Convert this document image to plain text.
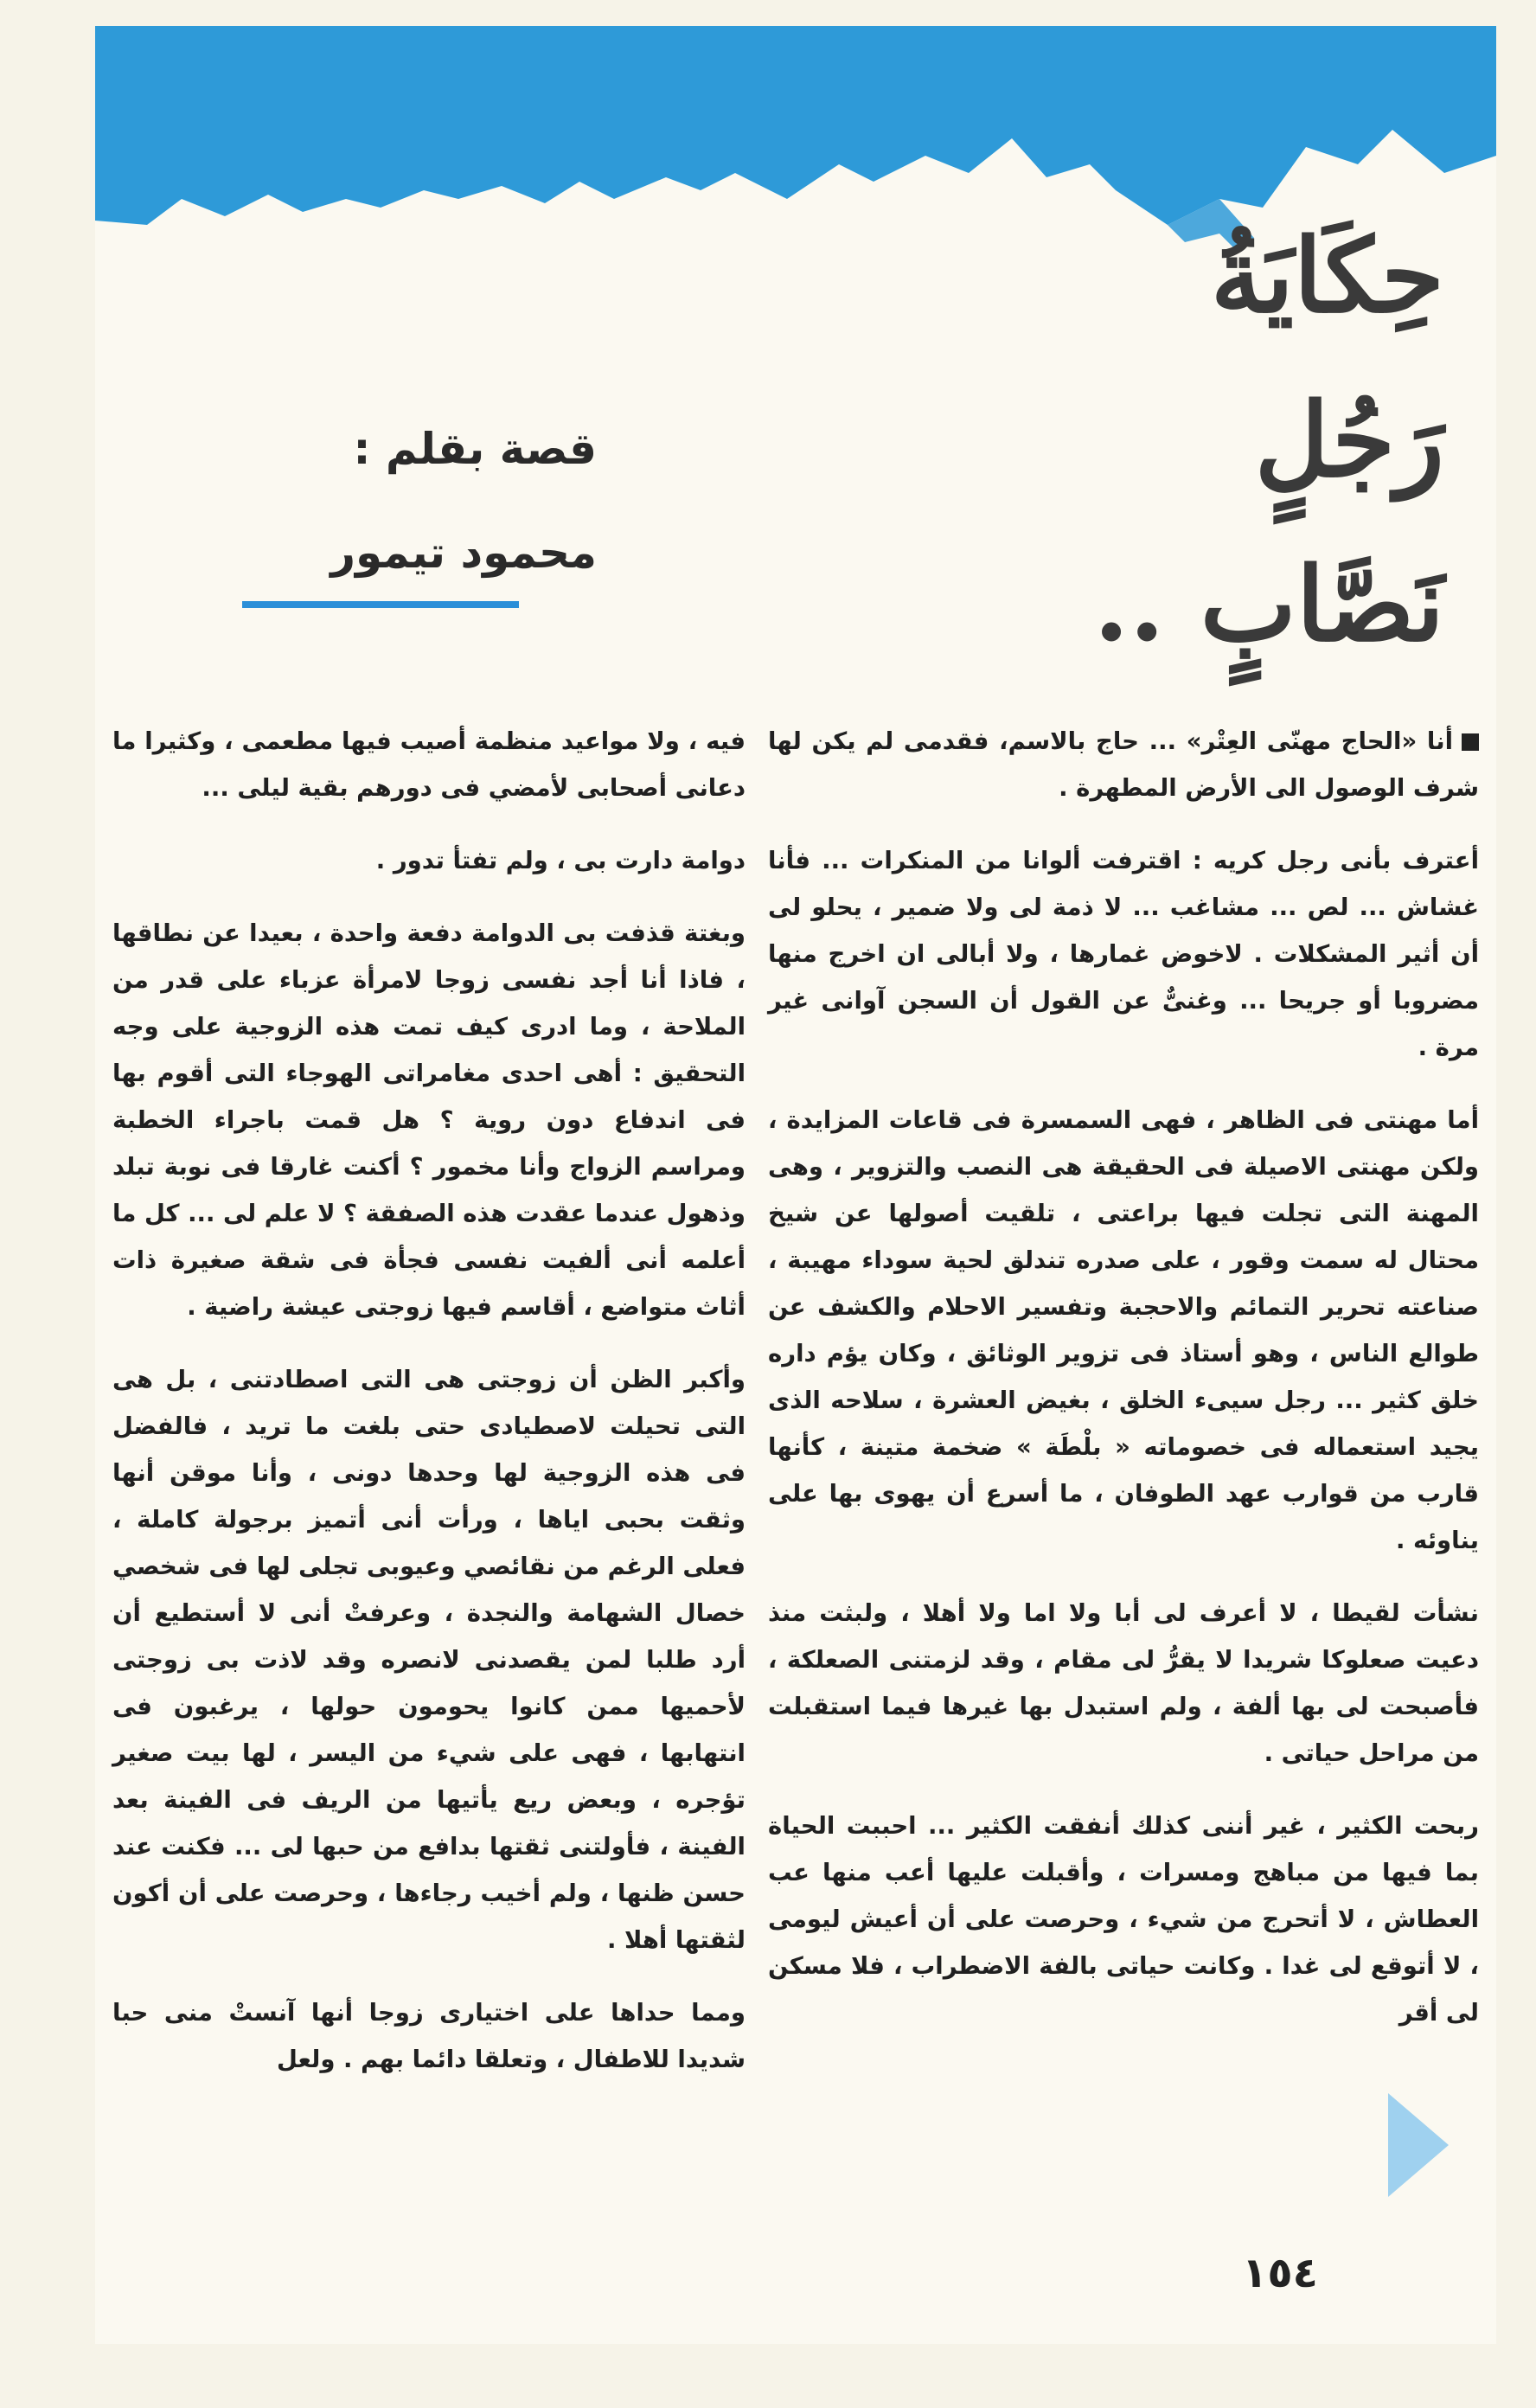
حِكَايَةُ
رَجُلٍ
نَصَّابٍ ..
قصة بقلم :
محمود تيمور

أنا «الحاج مهنّى العِتْر» ... حاج بالاسم، فقدمى لم يكن لها شرف الوصول الى الأرض المطهرة .

أعترف بأنى رجل كريه : اقترفت ألوانا من المنكرات ... فأنا غشاش ... لص ... مشاغب ... لا ذمة لى ولا ضمير ، يحلو لى أن أثير المشكلات . لاخوض غمارها ، ولا أبالى ان اخرج منها مضروبا أو جريحا ... وغنىٌّ عن القول أن السجن آوانى غير مرة .

أما مهنتى فى الظاهر ، فهى السمسرة فى قاعات المزايدة ، ولكن مهنتى الاصيلة فى الحقيقة هى النصب والتزوير ، وهى المهنة التى تجلت فيها براعتى ، تلقيت أصولها عن شيخ محتال له سمت وقور ، على صدره تندلق لحية سوداء مهيبة ، صناعته تحرير التمائم والاحجبة وتفسير الاحلام والكشف عن طوالع الناس ، وهو أستاذ فى تزوير الوثائق ، وكان يؤم داره خلق كثير ... رجل سيىء الخلق ، بغيض العشرة ، سلاحه الذى يجيد استعماله فى خصوماته « بلْطَة » ضخمة متينة ، كأنها قارب من قوارب عهد الطوفان ، ما أسرع أن يهوى بها على يناوئه .

نشأت لقيطا ، لا أعرف لى أبا ولا اما ولا أهلا ، ولبثت منذ دعيت صعلوكا شريدا لا يقرُّ لى مقام ، وقد لزمتنى الصعلكة ، فأصبحت لى بها ألفة ، ولم استبدل بها غيرها فيما استقبلت من مراحل حياتى .

ربحت الكثير ، غير أننى كذلك أنفقت الكثير ... احببت الحياة بما فيها من مباهج ومسرات ، وأقبلت عليها أعب منها عب العطاش ، لا أتحرج من شيء ، وحرصت على أن أعيش ليومى ، لا أتوقع لى غدا . وكانت حياتى بالفة الاضطراب ، فلا مسكن لى أقر

فيه ، ولا مواعيد منظمة أصيب فيها مطعمى ، وكثيرا ما دعانى أصحابى لأمضي فى دورهم بقية ليلى ...

دوامة دارت بى ، ولم تفتأ تدور .

وبغتة قذفت بى الدوامة دفعة واحدة ، بعيدا عن نطاقها ، فاذا أنا أجد نفسى زوجا لامرأة عزباء على قدر من الملاحة ، وما ادرى كيف تمت هذه الزوجية على وجه التحقيق : أهى احدى مغامراتى الهوجاء التى أقوم بها فى اندفاع دون روية ؟ هل قمت باجراء الخطبة ومراسم الزواج وأنا مخمور ؟ أكنت غارقا فى نوبة تبلد وذهول عندما عقدت هذه الصفقة ؟ لا علم لى ... كل ما أعلمه أنى ألفيت نفسى فجأة فى شقة صغيرة ذات أثاث متواضع ، أقاسم فيها زوجتى عيشة راضية .

وأكبر الظن أن زوجتى هى التى اصطادتنى ، بل هى التى تحيلت لاصطيادى حتى بلغت ما تريد ، فالفضل فى هذه الزوجية لها وحدها دونى ، وأنا موقن أنها وثقت بحبى اياها ، ورأت أنى أتميز برجولة كاملة ، فعلى الرغم من نقائصي وعيوبى تجلى لها فى شخصي خصال الشهامة والنجدة ، وعرفتْ أنى لا أستطيع أن أرد طلبا لمن يقصدنى لانصره وقد لاذت بى زوجتى لأحميها ممن كانوا يحومون حولها ، يرغبون فى انتهابها ، فهى على شيء من اليسر ، لها بيت صغير تؤجره ، وبعض ريع يأتيها من الريف فى الفينة بعد الفينة ، فأولتنى ثقتها بدافع من حبها لى ... فكنت عند حسن ظنها ، ولم أخيب رجاءها ، وحرصت على أن أكون لثقتها أهلا .

ومما حداها على اختيارى زوجا أنها آنستْ منى حبا شديدا للاطفال ، وتعلقا دائما بهم . ولعل

١٥٤
